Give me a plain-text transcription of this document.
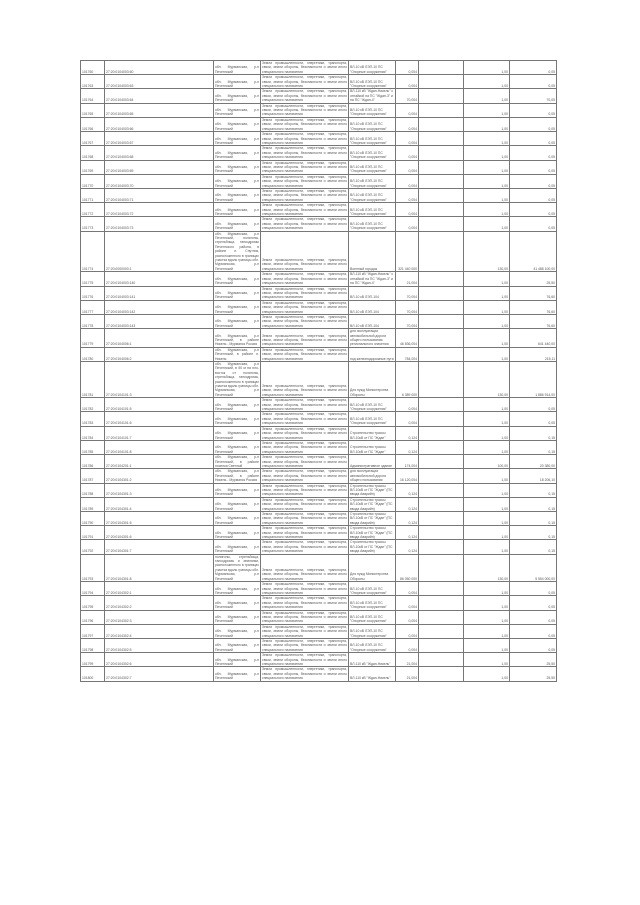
101760	27:20:0104003:60	обл. Мурманская, р-н Печенгский	Земли промышленности, энергетики, транспорта, связи, земли обороны, безопасности и земли иного специального назначения	ВЛ-10 кВ ЛЭП-10 ПС "Опорные сооружения"	0,004		1,00	0,05
101763	27:20:0104003:63	обл. Мурманская, р-н Печенгский	Земли промышленности, энергетики, транспорта, связи, земли обороны, безопасности и земли иного специального назначения	ВЛ-10 кВ ЛЭП-10 ПС "Опорные сооружения"	0,004		1,00	0,05
101764	27:20:0104003:64	обл. Мурманская, р-н Печенгский	Земли промышленности, энергетики, транспорта, связи, земли обороны, безопасности и земли иного специального назначения	ВЛ-110 кВ "Ждан-Никель" с отпайкой на ПС "Ждан-3" и на ПС "Ждан-4"	70,004		1,00	70,05
101765	27:20:0104003:65	обл. Мурманская, р-н Печенгский	Земли промышленности, энергетики, транспорта, связи, земли обороны, безопасности и земли иного специального назначения	ВЛ-10 кВ ЛЭП-10 ПС "Опорные сооружения"	0,004		1,00	0,05
101766	27:20:0104003:66	обл. Мурманская, р-н Печенгский	Земли промышленности, энергетики, транспорта, связи, земли обороны, безопасности и земли иного специального назначения	ВЛ-10 кВ ЛЭП-10 ПС "Опорные сооружения"	0,004		1,00	0,05
101767	27:20:0104003:67	обл. Мурманская, р-н Печенгский	Земли промышленности, энергетики, транспорта, связи, земли обороны, безопасности и земли иного специального назначения	ВЛ-10 кВ ЛЭП-10 ПС "Опорные сооружения"	0,004		1,00	0,05
101768	27:20:0104003:68	обл. Мурманская, р-н Печенгский	Земли промышленности, энергетики, транспорта, связи, земли обороны, безопасности и земли иного специального назначения	ВЛ-10 кВ ЛЭП-10 ПС "Опорные сооружения"	0,004		1,00	0,05
101769	27:20:0104003:69	обл. Мурманская, р-н Печенгский	Земли промышленности, энергетики, транспорта, связи, земли обороны, безопасности и земли иного специального назначения	ВЛ-10 кВ ЛЭП-10 ПС "Опорные сооружения"	0,004		1,00	0,05
101770	27:20:0104003:70	обл. Мурманская, р-н Печенгский	Земли промышленности, энергетики, транспорта, связи, земли обороны, безопасности и земли иного специального назначения	ВЛ-10 кВ ЛЭП-10 ПС "Опорные сооружения"	0,004		1,00	0,05
101771	27:20:0104003:71	обл. Мурманская, р-н Печенгский	Земли промышленности, энергетики, транспорта, связи, земли обороны, безопасности и земли иного специального назначения	ВЛ-10 кВ ЛЭП-10 ПС "Опорные сооружения"	0,004		1,00	0,05
101772	27:20:0104003:72	обл. Мурманская, р-н Печенгский	Земли промышленности, энергетики, транспорта, связи, земли обороны, безопасности и земли иного специального назначения	ВЛ-10 кВ ЛЭП-10 ПС "Опорные сооружения"	0,004		1,00	0,05
101773	27:20:0104003:73	обл. Мурманская, р-н Печенгский	Земли промышленности, энергетики, транспорта, связи, земли обороны, безопасности и земли иного специального назначения	ВЛ-10 кВ ЛЭП-10 ПС "Опорные сооружения"	0,004		1,00	0,05
101774	27:20:0000000:1	обл. Мурманская, р-н Печенгский, полигоны, стрельбища, танкодромы Печенгского района, в районе п. Спутник, расположенного в границах участка вдоль границы обл. Мурманская, р-н Печенгский	Земли промышленности, энергетики, транспорта, связи, земли обороны, безопасности и земли иного специального назначения	Военный городок	321 440 000		130,00	41 488 100,00
101775	27:20:0104003:140	обл. Мурманская, р-н Печенгский	Земли промышленности, энергетики, транспорта, связи, земли обороны, безопасности и земли иного специального назначения	ВЛ-110 кВ "Ждан-Никель" с отпайкой на ПС "Ждан-3" и на ПС "Ждан-4"	21,004		1,00	25,50
101776	27:20:0104003:141	обл. Мурманская, р-н Печенгский	Земли промышленности, энергетики, транспорта, связи, земли обороны, безопасности и земли иного специального назначения	ВЛ-10 кВ ЛЭП-104	70,004		1,00	76,60
101777	27:20:0104003:142	обл. Мурманская, р-н Печенгский	Земли промышленности, энергетики, транспорта, связи, земли обороны, безопасности и земли иного специального назначения	ВЛ-10 кВ ЛЭП-104	70,004		1,00	76,60
101778	27:20:0104003:143	обл. Мурманская, р-н Печенгский	Земли промышленности, энергетики, транспорта, связи, земли обороны, безопасности и земли иного специального назначения	ВЛ-10 кВ ЛЭП-104	70,004		1,00	76,60
101779	27:20:0104006:1	обл. Мурманская, р-н Печенгский, в районе Никель - Мурманск Россия	Земли промышленности, энергетики, транспорта, связи, земли обороны, безопасности и земли иного специального назначения	для эксплуатации автомобильной дороги общего пользования регионального значения	46 836,004		1,00	641 440,00
101780	27:20:0104006:2	обл. Мурманская, р-н Печенгский, в районе п. Никель	Земли промышленности, энергетики, транспорта, связи, земли обороны, безопасности и земли иного специального назначения	под железнодорожные пути	784,004		1,00	215,11
101781	27:20:0104101:3	обл. Мурманская, р-н Печенгский, в 50 м на юго-восток от полигоны, стрельбища, танкодромы, расположенного в границах участка вдоль границы обл. Мурманская, р-н Печенгский	Земли промышленности, энергетики, транспорта, связи, земли обороны, безопасности и земли иного специального назначения	Для нужд Министерства Обороны	6 389 000		130,00	1 886 914,00
101782	27:20:0104101:5	обл. Мурманская, р-н Печенгский	Земли промышленности, энергетики, транспорта, связи, земли обороны, безопасности и земли иного специального назначения	ВЛ-10 кВ ЛЭП-10 ПС "Опорные сооружения"	0,004		1,00	0,05
101783	27:20:0104101:6	обл. Мурманская, р-н Печенгский	Земли промышленности, энергетики, транспорта, связи, земли обороны, безопасности и земли иного специального назначения	ВЛ-10 кВ ЛЭП-10 ПС "Опорные сооружения"	0,004		1,00	0,05
101784	27:20:0104101:7	обл. Мурманская, р-н Печенгский	Земли промышленности, энергетики, транспорта, связи, земли обороны, безопасности и земли иного специального назначения	Строительство трассы ВЛ-10кВ от ПС "Ждан"	0,124		1,00	0,15
101785	27:20:0104101:8	обл. Мурманская, р-н Печенгский	Земли промышленности, энергетики, транспорта, связи, земли обороны, безопасности и земли иного специального назначения	Строительство трассы ВЛ-10кВ от ПС "Ждан"	0,124		1,00	0,15
101786	27:20:0104201:1	обл. Мурманская, р-н Печенгский, в районе поселка Светлый	Земли промышленности, энергетики, транспорта, связи, земли обороны, безопасности и земли иного специального назначения	Административное здание	174,004		100,00	20 380,00
101787	27:20:0104301:2	обл. Мурманская, р-н Печенгский, в районе Никель - Мурманск Россия	Земли промышленности, энергетики, транспорта, связи, земли обороны, безопасности и земли иного специального назначения	для эксплуатации автомобильной дороги общего пользования	16 120,004		1,00	18 206,10
101788	27:20:0104301:3	обл. Мурманская, р-н Печенгский	Земли промышленности, энергетики, транспорта, связи, земли обороны, безопасности и земли иного специального назначения	Строительство трассы ВЛ-10кВ от ПС "Ждан" (ПС ввода Аварийн)	0,124		1,00	0,15
101789	27:20:0104301:4	обл. Мурманская, р-н Печенгский	Земли промышленности, энергетики, транспорта, связи, земли обороны, безопасности и земли иного специального назначения	Строительство трассы ВЛ-10кВ от ПС "Ждан" (ПС ввода Аварийн)	0,124		1,00	0,15
101790	27:20:0104301:5	обл. Мурманская, р-н Печенгский	Земли промышленности, энергетики, транспорта, связи, земли обороны, безопасности и земли иного специального назначения	Строительство трассы ВЛ-10кВ от ПС "Ждан" (ПС ввода Аварийн)	0,124		1,00	0,15
101791	27:20:0104301:6	обл. Мурманская, р-н Печенгский	Земли промышленности, энергетики, транспорта, связи, земли обороны, безопасности и земли иного специального назначения	Строительство трассы ВЛ-10кВ от ПС "Ждан" (ПС ввода Аварийн)	0,124		1,00	0,15
101792	27:20:0104301:7	обл. Мурманская, р-н Печенгский	Земли промышленности, энергетики, транспорта, связи, земли обороны, безопасности и земли иного специального назначения	Строительство трассы ВЛ-10кВ от ПС "Ждан" (ПС ввода Аварийн)	0,124		1,00	0,15
101793	27:20:0104301:8	полигоны, стрельбища, танкодромы и землянки, расположенного в границах участка вдоль границы обл. Мурманская, р-н Печенгский	Земли промышленности, энергетики, транспорта, связи, земли обороны, безопасности и земли иного специального назначения	Для нужд Министерства Обороны	86 050 000		130,00	5 554 000,00
101794	27:20:0104302:1	обл. Мурманская, р-н Печенгский	Земли промышленности, энергетики, транспорта, связи, земли обороны, безопасности и земли иного специального назначения	ВЛ-10 кВ ЛЭП-10 ПС "Опорные сооружения"	0,004		1,00	0,05
101795	27:20:0104302:2	обл. Мурманская, р-н Печенгский	Земли промышленности, энергетики, транспорта, связи, земли обороны, безопасности и земли иного специального назначения	ВЛ-10 кВ ЛЭП-10 ПС "Опорные сооружения"	0,004		1,00	0,05
101796	27:20:0104302:3	обл. Мурманская, р-н Печенгский	Земли промышленности, энергетики, транспорта, связи, земли обороны, безопасности и земли иного специального назначения	ВЛ-10 кВ ЛЭП-10 ПС "Опорные сооружения"	0,004		1,00	0,05
101797	27:20:0104302:4	обл. Мурманская, р-н Печенгский	Земли промышленности, энергетики, транспорта, связи, земли обороны, безопасности и земли иного специального назначения	ВЛ-10 кВ ЛЭП-10 ПС "Опорные сооружения"	0,004		1,00	0,05
101798	27:20:0104302:5	обл. Мурманская, р-н Печенгский	Земли промышленности, энергетики, транспорта, связи, земли обороны, безопасности и земли иного специального назначения	ВЛ-10 кВ ЛЭП-10 ПС "Опорные сооружения"	0,004		1,00	0,05
101799	27:20:0104302:6	обл. Мурманская, р-н Печенгский	Земли промышленности, энергетики, транспорта, связи, земли обороны, безопасности и земли иного специального назначения	ВЛ-110 кВ "Ждан-Никель"	21,004		1,00	25,50
101800	27:20:0104302:7	обл. Мурманская, р-н Печенгский	Земли промышленности, энергетики, транспорта, связи, земли обороны, безопасности и земли иного специального назначения	ВЛ-110 кВ "Ждан-Никель"	21,004		1,00	25,50
